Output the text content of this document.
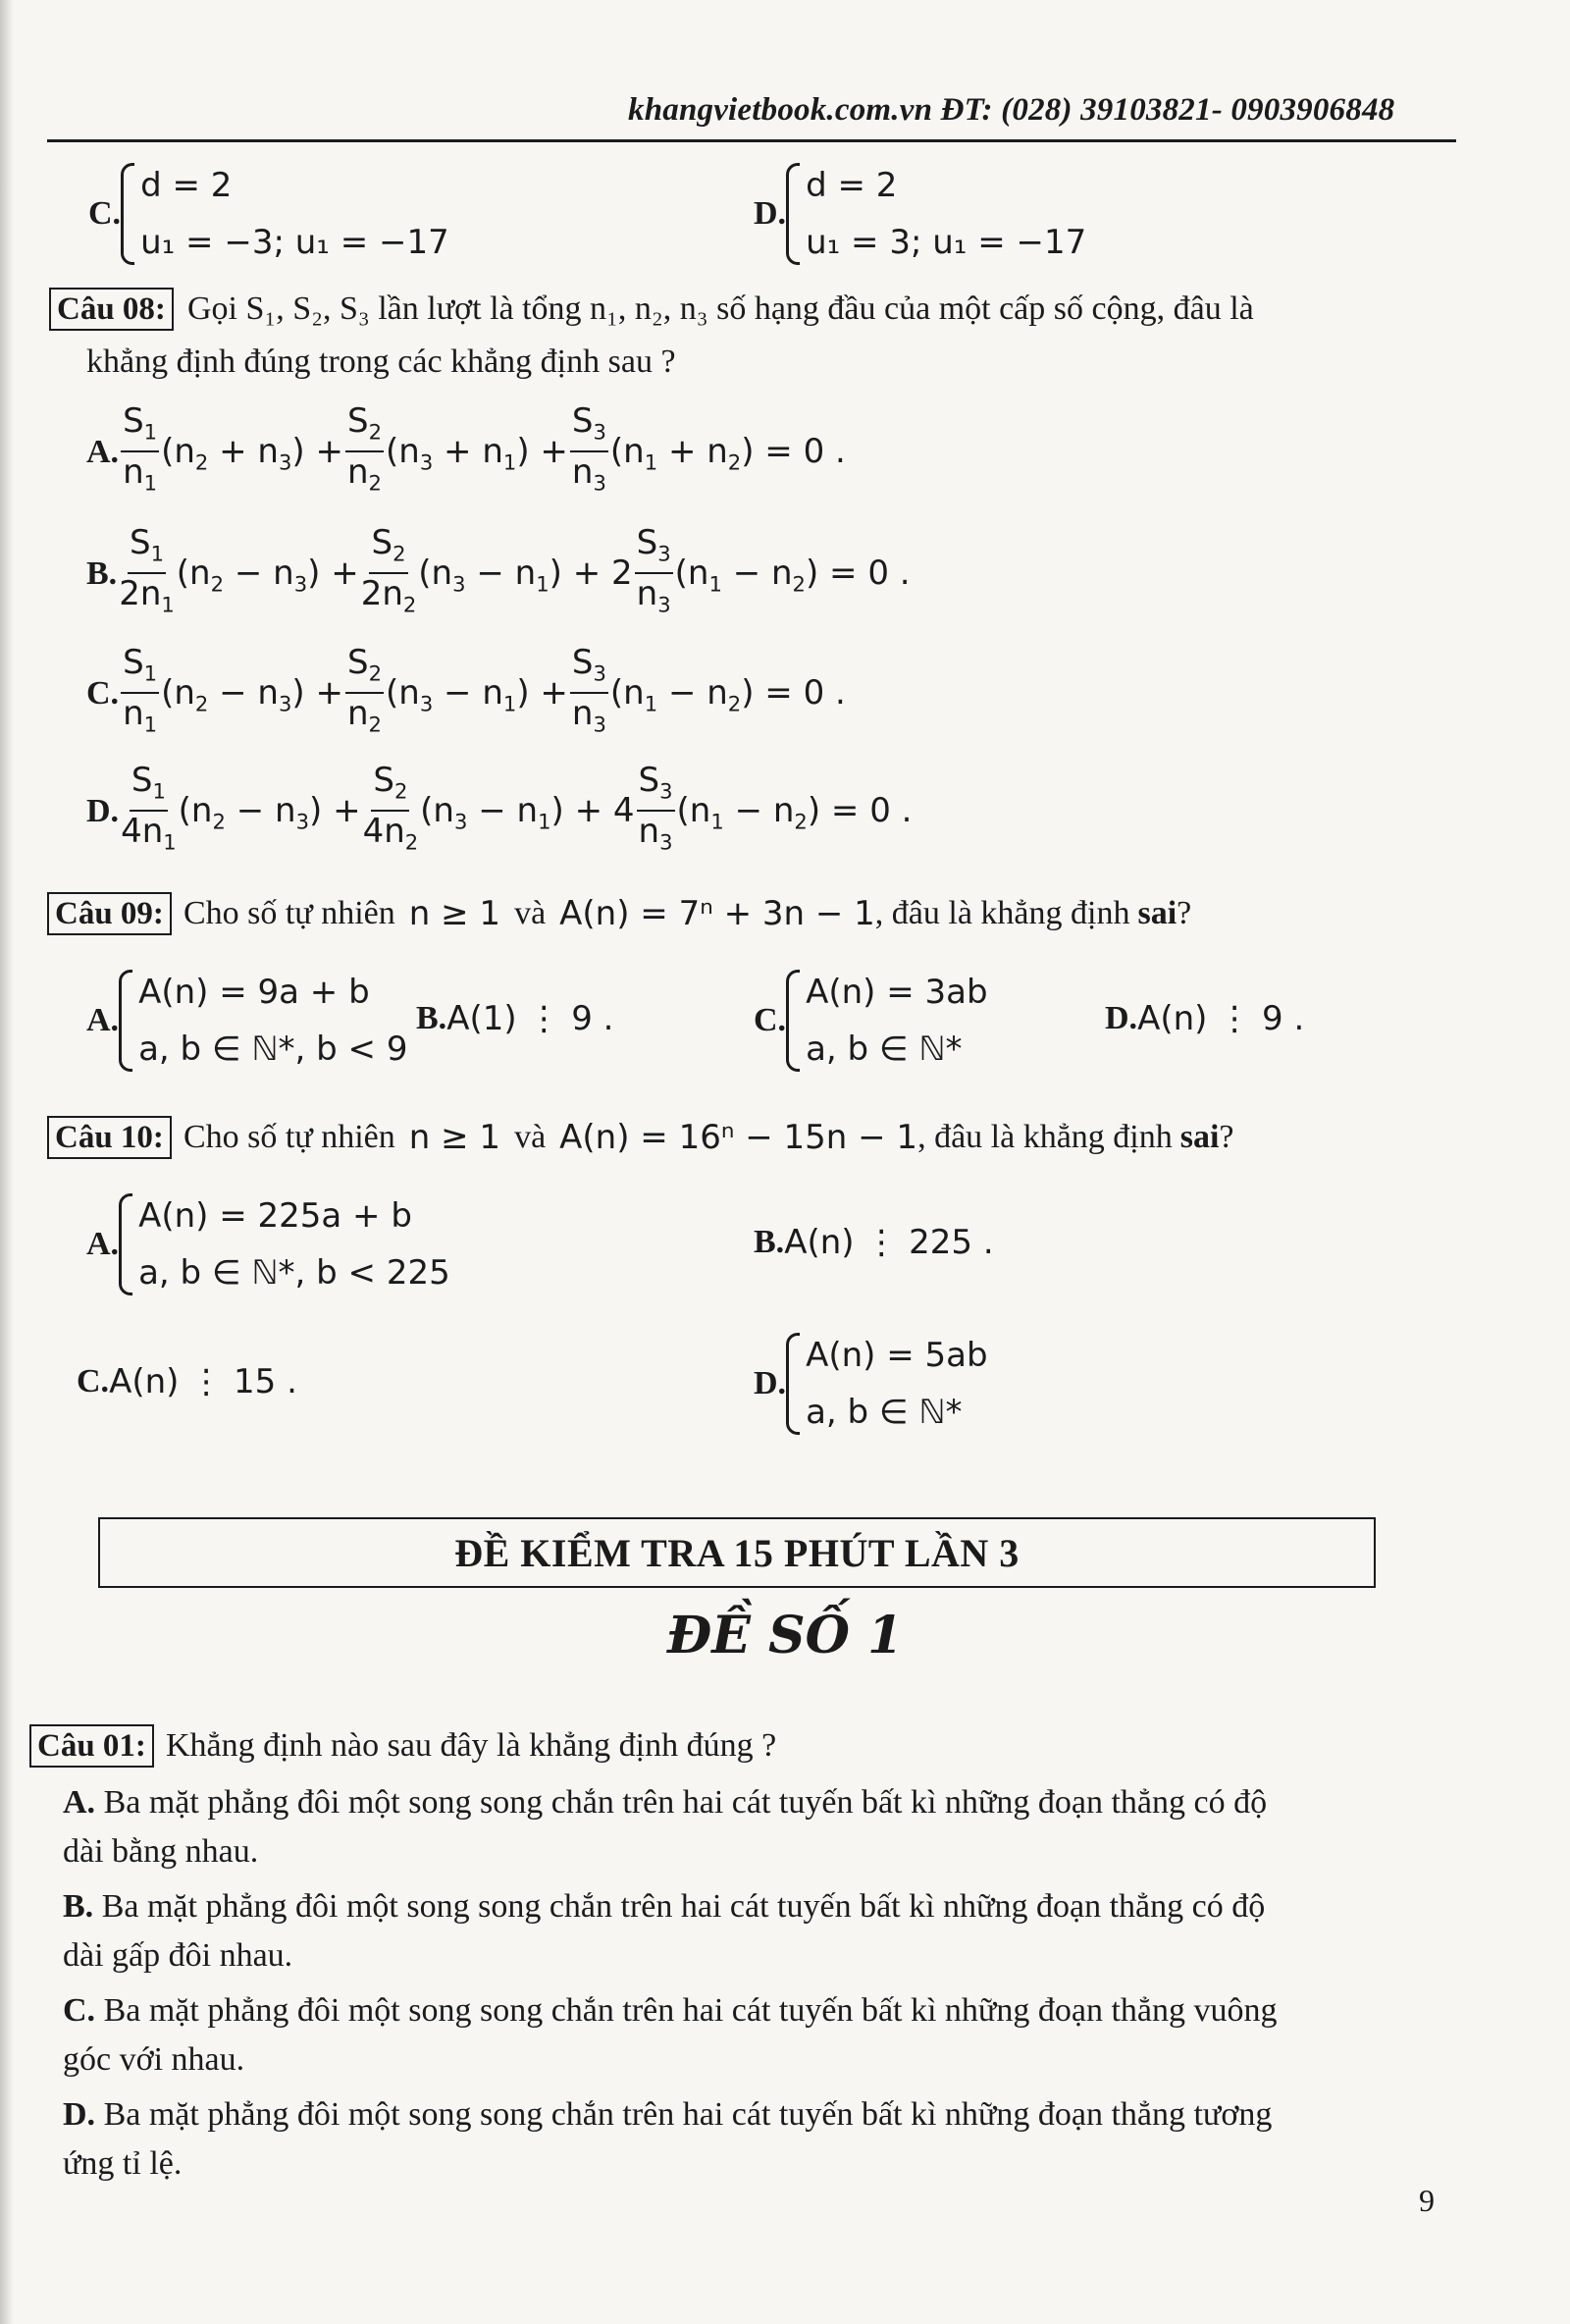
khangvietbook.com.vn ĐT: (028) 39103821- 0903906848
C.
d = 2
u₁ = −3; u₁ = −17
D.
d = 2
u₁ = 3; u₁ = −17
Câu 08: Gọi S₁, S₂, S₃ lần lượt là tổng n₁, n₂, n₃ số hạng đầu của một cấp số cộng, đâu là
khẳng định đúng trong các khẳng định sau ?
A. $\frac{S_1}{n_1} (n_2 + n_3) + \frac{S_2}{n_2} (n_3 + n_1) + \frac{S_3}{n_3} (n_1 + n_2) = 0$ .
B. $\frac{S_1}{2n_1} (n_2 - n_3) + \frac{S_2}{2n_2} (n_3 - n_1) + 2 \frac{S_3}{n_3} (n_1 - n_2) = 0$ .
C. $\frac{S_1}{n_1} (n_2 - n_3) + \frac{S_2}{n_2} (n_3 - n_1) + \frac{S_3}{n_3} (n_1 - n_2) = 0$ .
D. $\frac{S_1}{4n_1} (n_2 - n_3) + \frac{S_2}{4n_2} (n_3 - n_1) + 4 \frac{S_3}{n_3} (n_1 - n_2) = 0$ .
Câu 09: Cho số tự nhiên n ≥ 1 và A(n) = 7ⁿ + 3n − 1 , đâu là khẳng định sai ?
A.
A(n) = 9a + b
a, b ∈ ℕ*, b < 9
B. A(1) ⋮ 9 .	C.
A(n) = 3ab
a, b ∈ ℕ*
D. A(n) ⋮ 9 .
Câu 10: Cho số tự nhiên n ≥ 1 và A(n) = 16ⁿ − 15n − 1 , đâu là khẳng định sai ?
A.
A(n) = 225a + b
a, b ∈ ℕ*, b < 225
B. A(n) ⋮ 225 .
C. A(n) ⋮ 15 .	D.
A(n) = 5ab
a, b ∈ ℕ*
ĐỀ KIỂM TRA 15 PHÚT LẦN 3
ĐỀ SỐ 1
Câu 01: Khẳng định nào sau đây là khẳng định đúng ?
A. Ba mặt phẳng đôi một song song chắn trên hai cát tuyến bất kì những đoạn thẳng có độ
dài bằng nhau.
B. Ba mặt phẳng đôi một song song chắn trên hai cát tuyến bất kì những đoạn thẳng có độ
dài gấp đôi nhau.
C. Ba mặt phẳng đôi một song song chắn trên hai cát tuyến bất kì những đoạn thẳng vuông
góc với nhau.
D. Ba mặt phẳng đôi một song song chắn trên hai cát tuyến bất kì những đoạn thẳng tương
ứng tỉ lệ.
9
